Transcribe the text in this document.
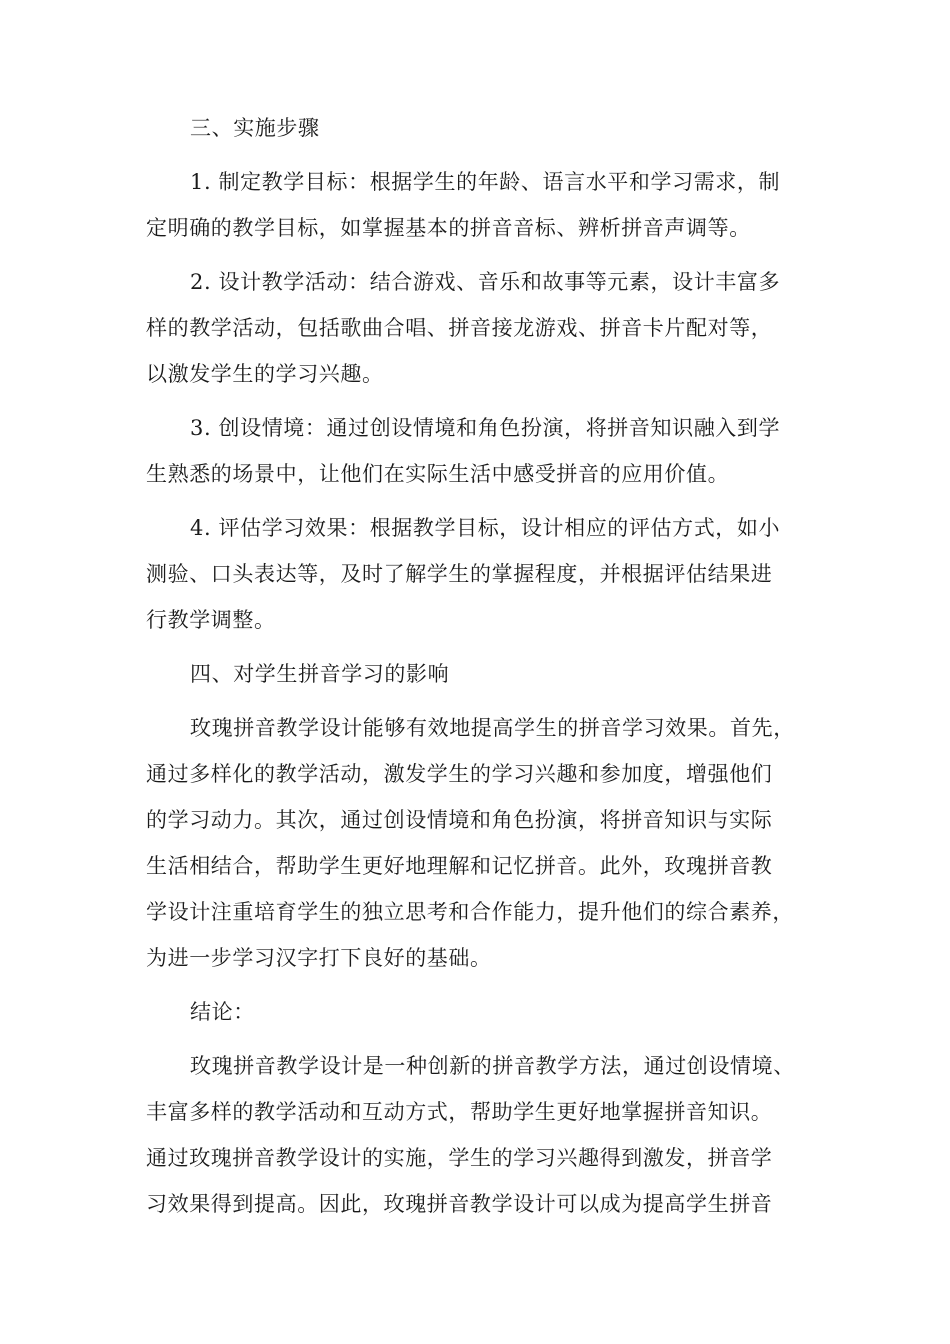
三、实施步骤
1. 制定教学目标：根据学生的年龄、语言水平和学习需求，制
定明确的教学目标，如掌握基本的拼音音标、辨析拼音声调等。
2. 设计教学活动：结合游戏、音乐和故事等元素，设计丰富多
样的教学活动，包括歌曲合唱、拼音接龙游戏、拼音卡片配对等，
以激发学生的学习兴趣。
3. 创设情境：通过创设情境和角色扮演，将拼音知识融入到学
生熟悉的场景中，让他们在实际生活中感受拼音的应用价值。
4. 评估学习效果：根据教学目标，设计相应的评估方式，如小
测验、口头表达等，及时了解学生的掌握程度，并根据评估结果进
行教学调整。
四、对学生拼音学习的影响
玫瑰拼音教学设计能够有效地提高学生的拼音学习效果。首先，
通过多样化的教学活动，激发学生的学习兴趣和参加度，增强他们
的学习动力。其次，通过创设情境和角色扮演，将拼音知识与实际
生活相结合，帮助学生更好地理解和记忆拼音。此外，玫瑰拼音教
学设计注重培育学生的独立思考和合作能力，提升他们的综合素养，
为进一步学习汉字打下良好的基础。
结论：
玫瑰拼音教学设计是一种创新的拼音教学方法，通过创设情境、
丰富多样的教学活动和互动方式，帮助学生更好地掌握拼音知识。
通过玫瑰拼音教学设计的实施，学生的学习兴趣得到激发，拼音学
习效果得到提高。因此，玫瑰拼音教学设计可以成为提高学生拼音
